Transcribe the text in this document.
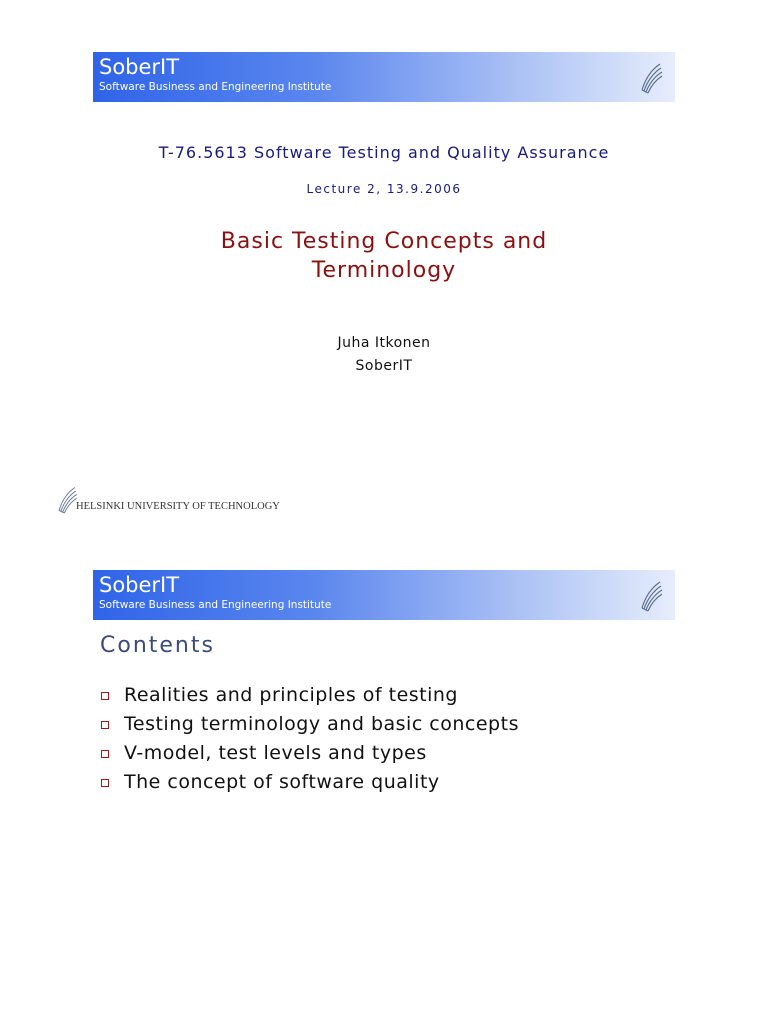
SoberIT
Software Business and Engineering Institute
T-76.5613 Software Testing and Quality Assurance
Lecture 2, 13.9.2006
Basic Testing Concepts and
Terminology
Juha Itkonen
SoberIT
HELSINKI UNIVERSITY OF TECHNOLOGY
SoberIT
Software Business and Engineering Institute
Contents
Realities and principles of testing
Testing terminology and basic concepts
V-model, test levels and types
The concept of software quality
